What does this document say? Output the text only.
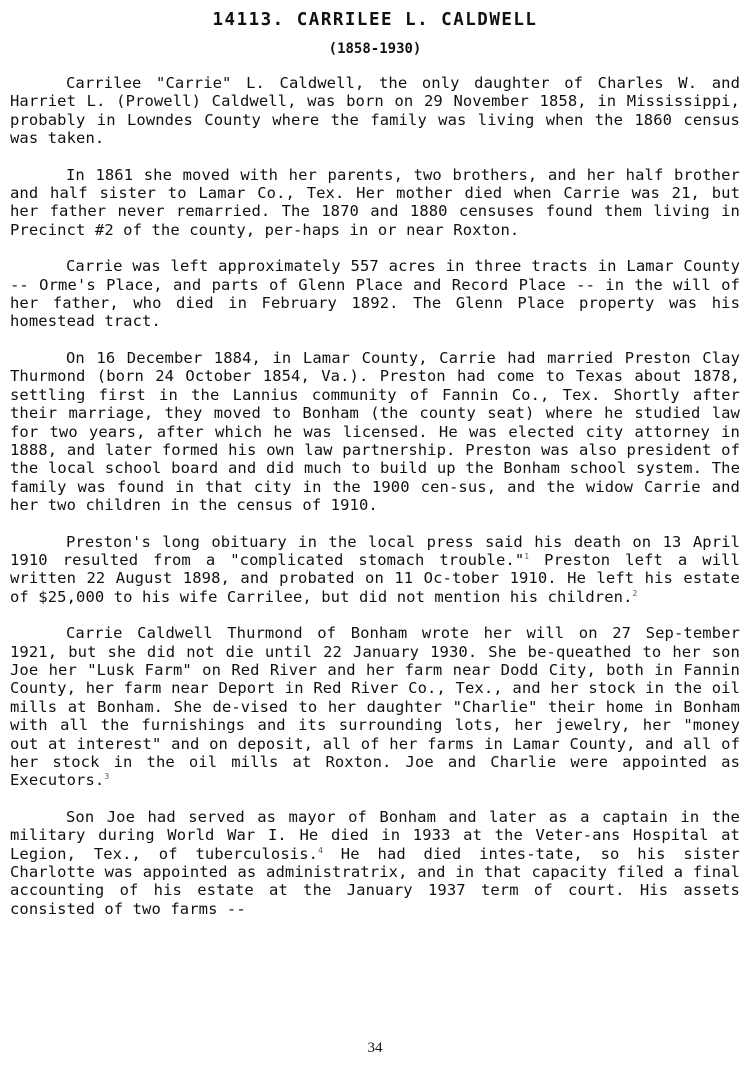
14113. CARRILEE L. CALDWELL
(1858-1930)

Carrilee "Carrie" L. Caldwell, the only daughter of Charles W. and Harriet L. (Prowell) Caldwell, was born on 29 November 1858, in Mississippi, probably in Lowndes County where the family was living when the 1860 census was taken.

In 1861 she moved with her parents, two brothers, and her half brother and half sister to Lamar Co., Tex. Her mother died when Carrie was 21, but her father never remarried. The 1870 and 1880 censuses found them living in Precinct #2 of the county, per-haps in or near Roxton.

Carrie was left approximately 557 acres in three tracts in Lamar County -- Orme's Place, and parts of Glenn Place and Record Place -- in the will of her father, who died in February 1892. The Glenn Place property was his homestead tract.

On 16 December 1884, in Lamar County, Carrie had married Preston Clay Thurmond (born 24 October 1854, Va.). Preston had come to Texas about 1878, settling first in the Lannius community of Fannin Co., Tex. Shortly after their marriage, they moved to Bonham (the county seat) where he studied law for two years, after which he was licensed. He was elected city attorney in 1888, and later formed his own law partnership. Preston was also president of the local school board and did much to build up the Bonham school system. The family was found in that city in the 1900 cen-sus, and the widow Carrie and her two children in the census of 1910.

Preston's long obituary in the local press said his death on 13 April 1910 resulted from a "complicated stomach trouble."$^1$ Preston left a will written 22 August 1898, and probated on 11 Oc-tober 1910. He left his estate of $25,000 to his wife Carrilee, but did not mention his children.$^2$

Carrie Caldwell Thurmond of Bonham wrote her will on 27 Sep-tember 1921, but she did not die until 22 January 1930. She be-queathed to her son Joe her "Lusk Farm" on Red River and her farm near Dodd City, both in Fannin County, her farm near Deport in Red River Co., Tex., and her stock in the oil mills at Bonham. She de-vised to her daughter "Charlie" their home in Bonham with all the furnishings and its surrounding lots, her jewelry, her "money out at interest" and on deposit, all of her farms in Lamar County, and all of her stock in the oil mills at Roxton. Joe and Charlie were appointed as Executors.$^3$

Son Joe had served as mayor of Bonham and later as a captain in the military during World War I. He died in 1933 at the Veter-ans Hospital at Legion, Tex., of tuberculosis.$^4$ He had died intes-tate, so his sister Charlotte was appointed as administratrix, and in that capacity filed a final accounting of his estate at the January 1937 term of court. His assets consisted of two farms --

34
